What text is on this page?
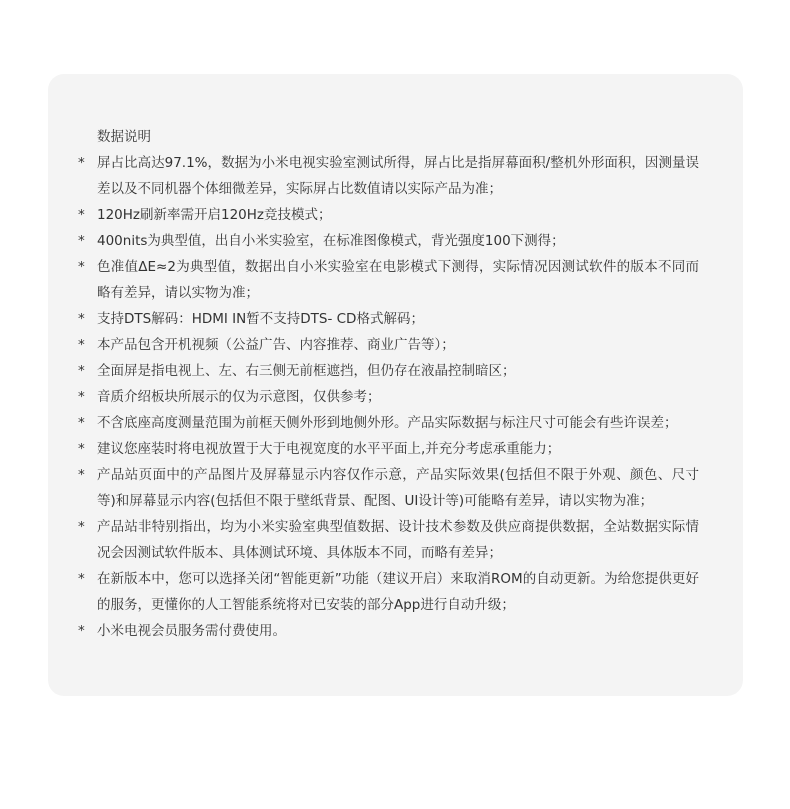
数据说明
* 屏占比高达97.1%，数据为小米电视实验室测试所得，屏占比是指屏幕面积/整机外形面积，因测量误差以及不同机器个体细微差异，实际屏占比数值请以实际产品为准；
* 120Hz刷新率需开启120Hz竞技模式；
* 400nits为典型值，出自小米实验室，在标准图像模式，背光强度100下测得；
* 色准值ΔE≈2为典型值，数据出自小米实验室在电影模式下测得，实际情况因测试软件的版本不同而略有差异，请以实物为准；
* 支持DTS解码：HDMI IN暂不支持DTS- CD格式解码；
* 本产品包含开机视频（公益广告、内容推荐、商业广告等）；
* 全面屏是指电视上、左、右三侧无前框遮挡，但仍存在液晶控制暗区；
* 音质介绍板块所展示的仅为示意图，仅供参考；
* 不含底座高度测量范围为前框天侧外形到地侧外形。产品实际数据与标注尺寸可能会有些许误差；
* 建议您座装时将电视放置于大于电视宽度的水平平面上,并充分考虑承重能力；
* 产品站页面中的产品图片及屏幕显示内容仅作示意，产品实际效果(包括但不限于外观、颜色、尺寸等)和屏幕显示内容(包括但不限于壁纸背景、配图、UI设计等)可能略有差异，请以实物为准；
* 产品站非特别指出，均为小米实验室典型值数据、设计技术参数及供应商提供数据，全站数据实际情况会因测试软件版本、具体测试环境、具体版本不同，而略有差异；
* 在新版本中，您可以选择关闭“智能更新”功能（建议开启）来取消ROM的自动更新。为给您提供更好的服务，更懂你的人工智能系统将对已安装的部分App进行自动升级；
* 小米电视会员服务需付费使用。
